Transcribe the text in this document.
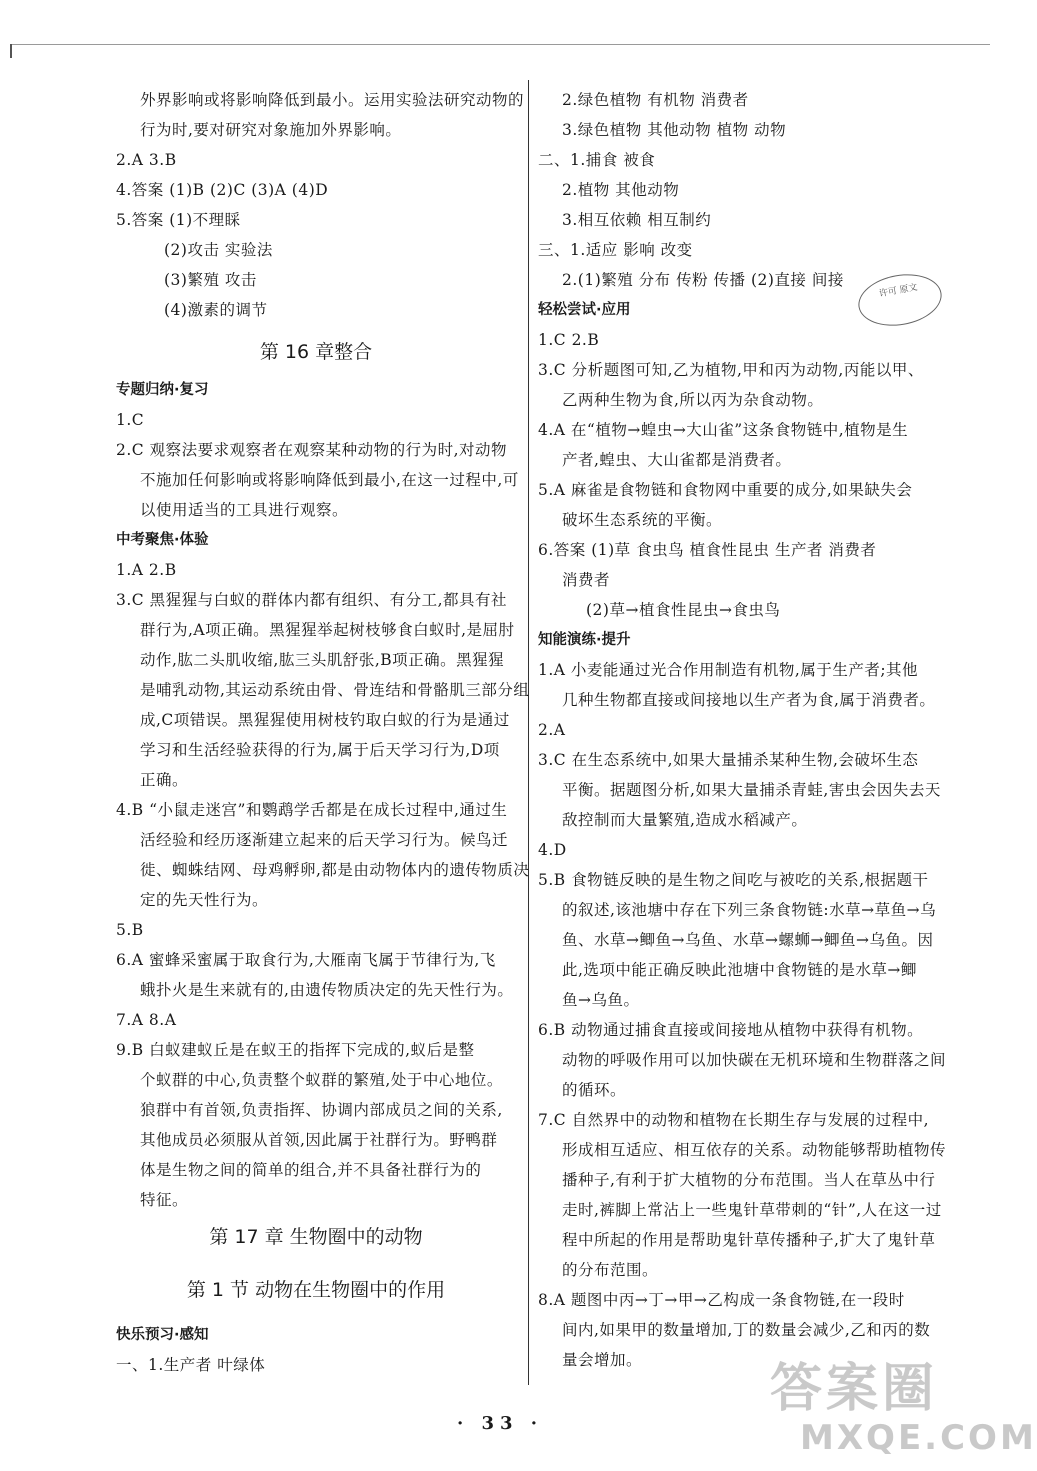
外界影响或将影响降低到最小。运用实验法研究动物的
行为时,要对研究对象施加外界影响。
2.A 3.B
4.答案 (1)B (2)C (3)A (4)D
5.答案 (1)不理睬
(2)攻击 实验法
(3)繁殖 攻击
(4)激素的调节
第 16 章整合
专题归纳·复习
1.C
2.C 观察法要求观察者在观察某种动物的行为时,对动物
不施加任何影响或将影响降低到最小,在这一过程中,可
以使用适当的工具进行观察。
中考聚焦·体验
1.A 2.B
3.C 黑猩猩与白蚁的群体内都有组织、有分工,都具有社
群行为,A项正确。黑猩猩举起树枝够食白蚁时,是屈肘
动作,肱二头肌收缩,肱三头肌舒张,B项正确。黑猩猩
是哺乳动物,其运动系统由骨、骨连结和骨骼肌三部分组
成,C项错误。黑猩猩使用树枝钓取白蚁的行为是通过
学习和生活经验获得的行为,属于后天学习行为,D项
正确。
4.B “小鼠走迷宫”和鹦鹉学舌都是在成长过程中,通过生
活经验和经历逐渐建立起来的后天学习行为。候鸟迁
徙、蜘蛛结网、母鸡孵卵,都是由动物体内的遗传物质决
定的先天性行为。
5.B
6.A 蜜蜂采蜜属于取食行为,大雁南飞属于节律行为,飞
蛾扑火是生来就有的,由遗传物质决定的先天性行为。
7.A 8.A
9.B 白蚁建蚁丘是在蚁王的指挥下完成的,蚁后是整
个蚁群的中心,负责整个蚁群的繁殖,处于中心地位。
狼群中有首领,负责指挥、协调内部成员之间的关系,
其他成员必须服从首领,因此属于社群行为。野鸭群
体是生物之间的简单的组合,并不具备社群行为的
特征。
第 17 章 生物圈中的动物
第 1 节 动物在生物圈中的作用
快乐预习·感知
一、1.生产者 叶绿体
2.绿色植物 有机物 消费者
3.绿色植物 其他动物 植物 动物
二、1.捕食 被食
2.植物 其他动物
3.相互依赖 相互制约
三、1.适应 影响 改变
2.(1)繁殖 分布 传粉 传播 (2)直接 间接
轻松尝试·应用
1.C 2.B
3.C 分析题图可知,乙为植物,甲和丙为动物,丙能以甲、
乙两种生物为食,所以丙为杂食动物。
4.A 在“植物→蝗虫→大山雀”这条食物链中,植物是生
产者,蝗虫、大山雀都是消费者。
5.A 麻雀是食物链和食物网中重要的成分,如果缺失会
破坏生态系统的平衡。
6.答案 (1)草 食虫鸟 植食性昆虫 生产者 消费者
消费者
(2)草→植食性昆虫→食虫鸟
知能演练·提升
1.A 小麦能通过光合作用制造有机物,属于生产者;其他
几种生物都直接或间接地以生产者为食,属于消费者。
2.A
3.C 在生态系统中,如果大量捕杀某种生物,会破坏生态
平衡。据题图分析,如果大量捕杀青蛙,害虫会因失去天
敌控制而大量繁殖,造成水稻减产。
4.D
5.B 食物链反映的是生物之间吃与被吃的关系,根据题干
的叙述,该池塘中存在下列三条食物链:水草→草鱼→乌
鱼、水草→鲫鱼→乌鱼、水草→螺蛳→鲫鱼→乌鱼。因
此,选项中能正确反映此池塘中食物链的是水草→鲫
鱼→乌鱼。
6.B 动物通过捕食直接或间接地从植物中获得有机物。
动物的呼吸作用可以加快碳在无机环境和生物群落之间
的循环。
7.C 自然界中的动物和植物在长期生存与发展的过程中,
形成相互适应、相互依存的关系。动物能够帮助植物传
播种子,有利于扩大植物的分布范围。当人在草丛中行
走时,裤脚上常沾上一些鬼针草带刺的“针”,人在这一过
程中所起的作用是帮助鬼针草传播种子,扩大了鬼针草
的分布范围。
8.A 题图中丙→丁→甲→乙构成一条食物链,在一段时
间内,如果甲的数量增加,丁的数量会减少,乙和丙的数
量会增加。
许可 原文
· 33 ·
答案圈
MXQE.COM
